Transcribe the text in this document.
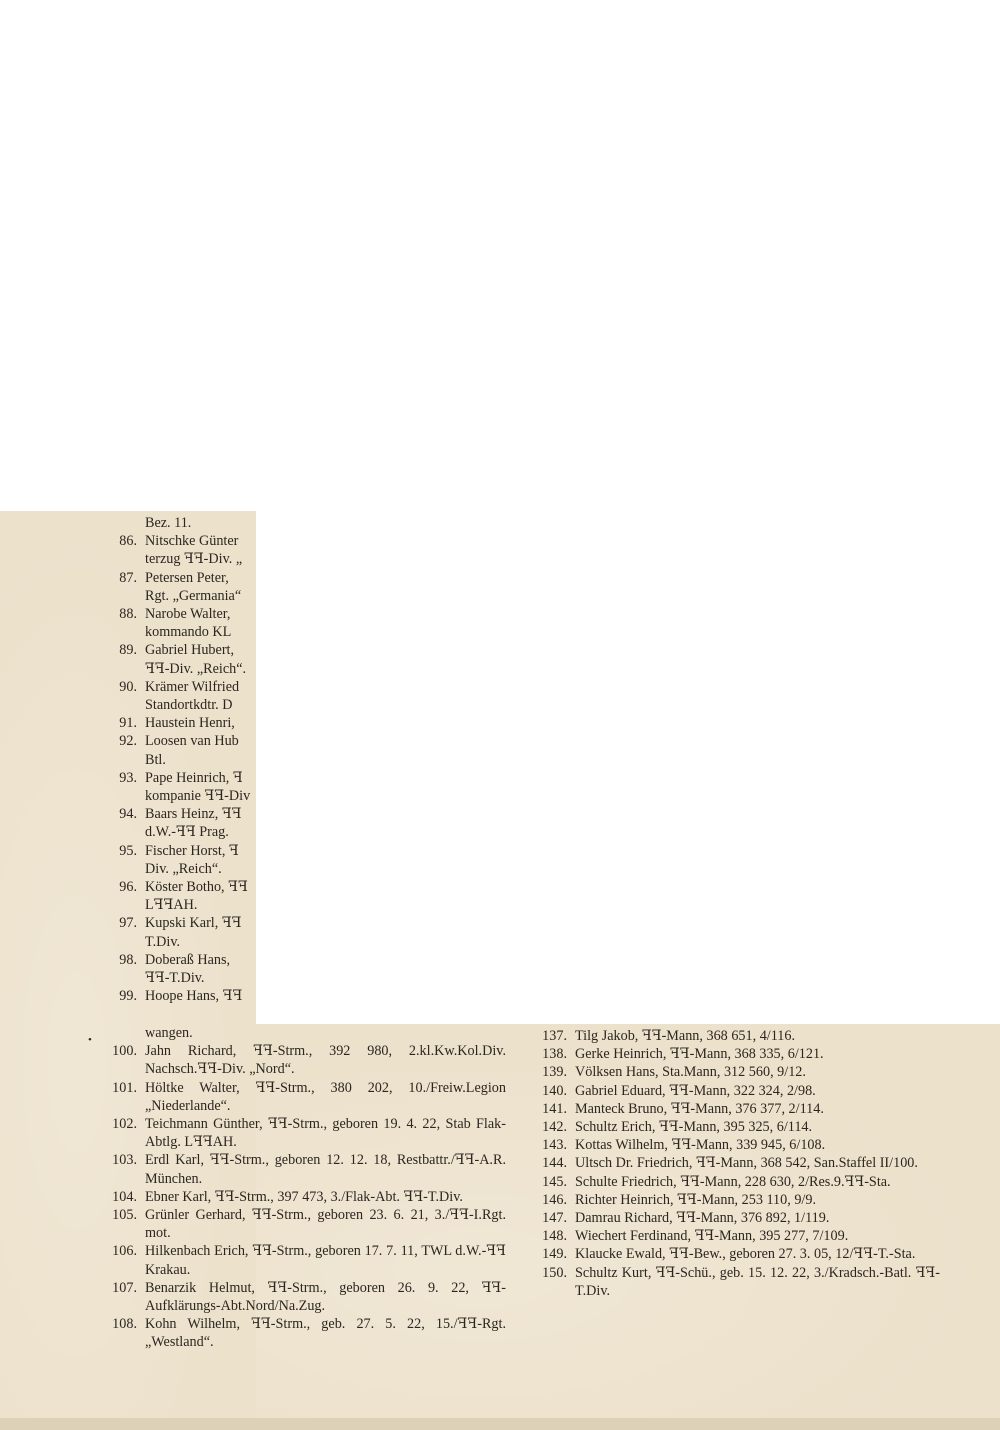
Bez. 11.
86. Nitschke Günter
terzug ꟻꟻ-Div. „
87. Petersen Peter,
Rgt. „Germania“
88. Narobe Walter,
kommando KL
89. Gabriel Hubert,
ꟻꟻ-Div. „Reich“.
90. Krämer Wilfried
Standortkdtr. D
91. Haustein Henri,
92. Loosen van Hub
Btl.
93. Pape Heinrich, ꟻ
kompanie ꟻꟻ-Div
94. Baars Heinz, ꟻꟻ
d.W.-ꟻꟻ Prag.
95. Fischer Horst, ꟻ
Div. „Reich“.
96. Köster Botho, ꟻꟻ
LꟻꟻAH.
97. Kupski Karl, ꟻꟻ
T.Div.
98. Doberaß Hans,
ꟻꟻ-T.Div.
99. Hoope Hans, ꟻꟻ
wangen.
100. Jahn Richard, ꟻꟻ-Strm., 392 980, 2.kl.Kw.Kol.Div. Nachsch.ꟻꟻ-Div. „Nord“.
101. Höltke Walter, ꟻꟻ-Strm., 380 202, 10./Freiw.Legion „Niederlande“.
102. Teichmann Günther, ꟻꟻ-Strm., geboren 19. 4. 22, Stab Flak-Abtlg. LꟻꟻAH.
103. Erdl Karl, ꟻꟻ-Strm., geboren 12. 12. 18, Restbattr./ꟻꟻ-A.R. München.
104. Ebner Karl, ꟻꟻ-Strm., 397 473, 3./Flak-Abt. ꟻꟻ-T.Div.
105. Grünler Gerhard, ꟻꟻ-Strm., geboren 23. 6. 21, 3./ꟻꟻ-I.Rgt. mot.
106. Hilkenbach Erich, ꟻꟻ-Strm., geboren 17. 7. 11, TWL d.W.-ꟻꟻ Krakau.
107. Benarzik Helmut, ꟻꟻ-Strm., geboren 26. 9. 22, ꟻꟻ-Aufklärungs-Abt.Nord/Na.Zug.
108. Kohn Wilhelm, ꟻꟻ-Strm., geb. 27. 5. 22, 15./ꟻꟻ-Rgt. „Westland“.
•	137. Tilg Jakob, ꟻꟻ-Mann, 368 651, 4/116.
138. Gerke Heinrich, ꟻꟻ-Mann, 368 335, 6/121.
139. Völksen Hans, Sta.Mann, 312 560, 9/12.
140. Gabriel Eduard, ꟻꟻ-Mann, 322 324, 2/98.
141. Manteck Bruno, ꟻꟻ-Mann, 376 377, 2/114.
142. Schultz Erich, ꟻꟻ-Mann, 395 325, 6/114.
143. Kottas Wilhelm, ꟻꟻ-Mann, 339 945, 6/108.
144. Ultsch Dr. Friedrich, ꟻꟻ-Mann, 368 542, San.Staffel II/100.
145. Schulte Friedrich, ꟻꟻ-Mann, 228 630, 2/Res.9.ꟻꟻ-Sta.
146. Richter Heinrich, ꟻꟻ-Mann, 253 110, 9/9.
147. Damrau Richard, ꟻꟻ-Mann, 376 892, 1/119.
148. Wiechert Ferdinand, ꟻꟻ-Mann, 395 277, 7/109.
149. Klaucke Ewald, ꟻꟻ-Bew., geboren 27. 3. 05, 12/ꟻꟻ-T.-Sta.
150. Schultz Kurt, ꟻꟻ-Schü., geb. 15. 12. 22, 3./Kradsch.-Batl. ꟻꟻ-T.Div.
